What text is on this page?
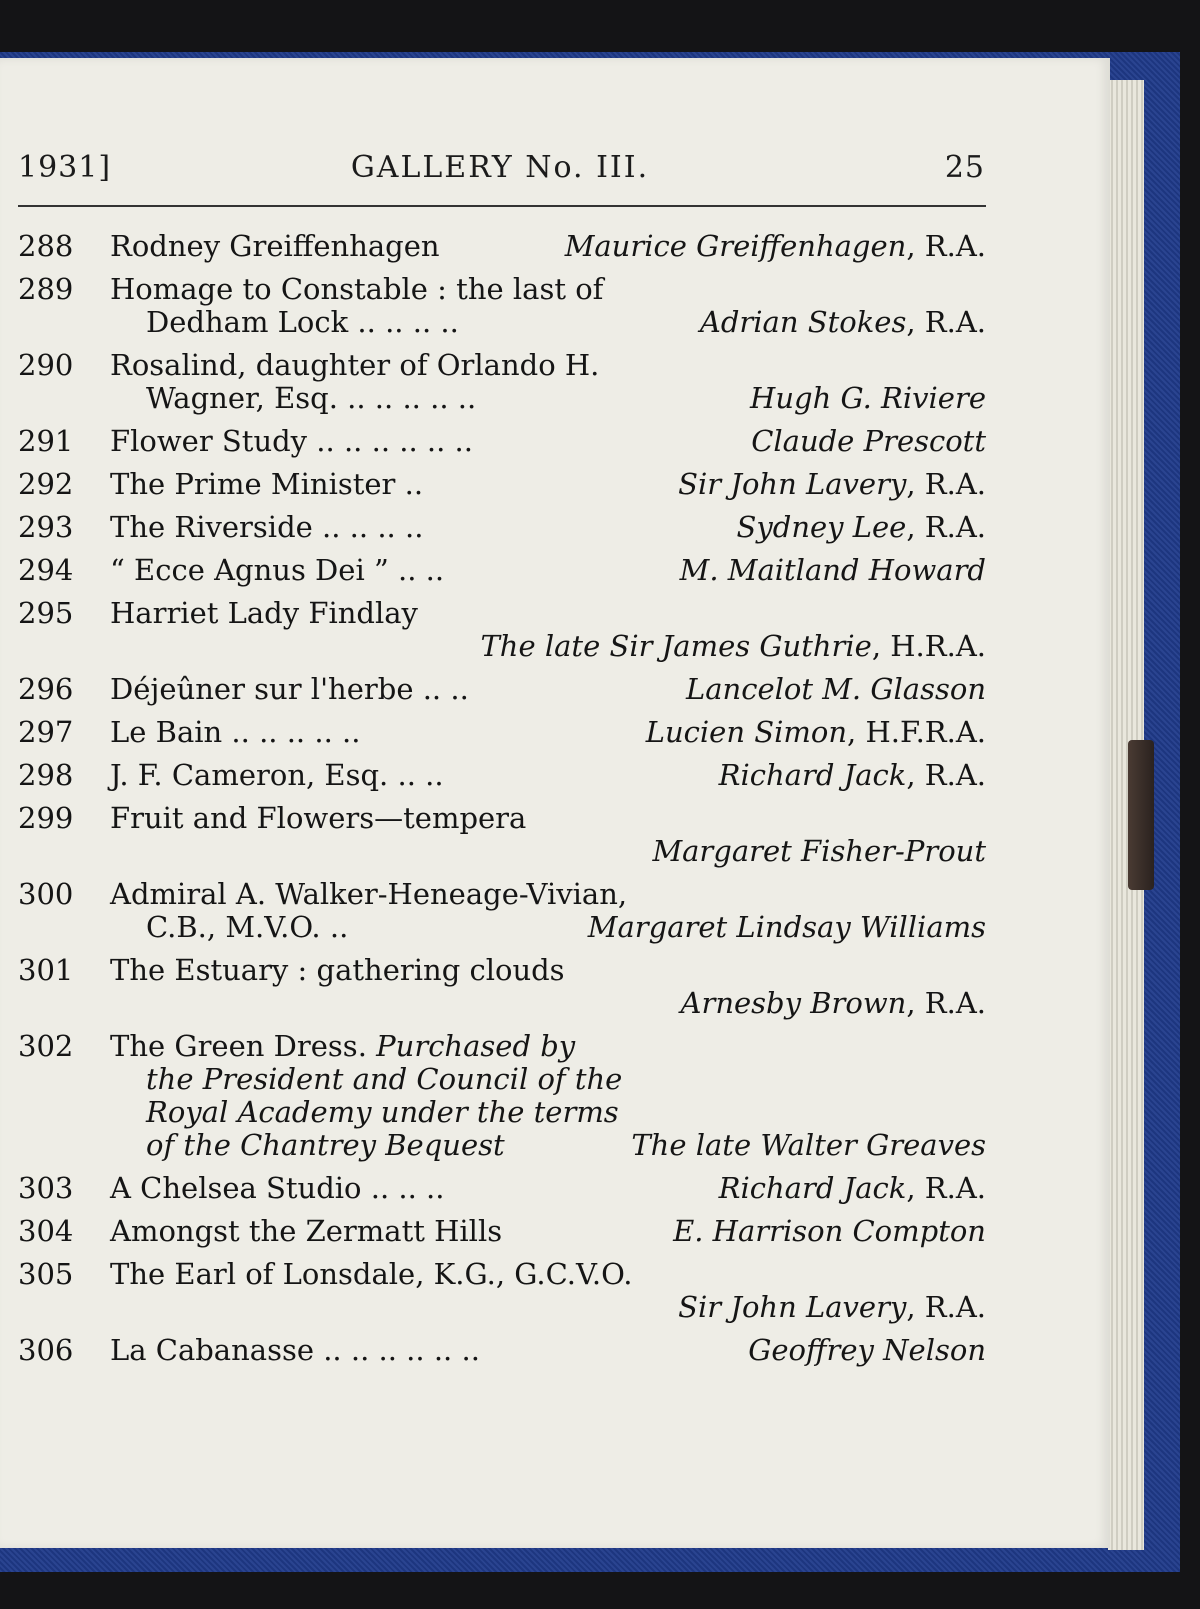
1931]	GALLERY No. III.	25
288 Rodney Greiffenhagen	Maurice Greiffenhagen, R.A.
289 Homage to Constable : the last of
Dedham Lock .. .. .. ..	Adrian Stokes, R.A.
290 Rosalind, daughter of Orlando H.
Wagner, Esq. .. .. .. .. ..	Hugh G. Riviere
291 Flower Study .. .. .. .. .. ..	Claude Prescott
292 The Prime Minister ..	Sir John Lavery, R.A.
293 The Riverside .. .. .. ..	Sydney Lee, R.A.
294 “ Ecce Agnus Dei ” .. ..	M. Maitland Howard
295 Harriet Lady Findlay
The late Sir James Guthrie, H.R.A.
296 Déjeûner sur l'herbe .. ..	Lancelot M. Glasson
297 Le Bain .. .. .. .. ..	Lucien Simon, H.F.R.A.
298 J. F. Cameron, Esq. .. ..	Richard Jack, R.A.
299 Fruit and Flowers—tempera
Margaret Fisher-Prout
300 Admiral A. Walker-Heneage-Vivian,
C.B., M.V.O. ..	Margaret Lindsay Williams
301 The Estuary : gathering clouds
Arnesby Brown, R.A.
302 The Green Dress. Purchased by
the President and Council of the
Royal Academy under the terms
of the Chantrey Bequest	The late Walter Greaves
303 A Chelsea Studio .. .. ..	Richard Jack, R.A.
304 Amongst the Zermatt Hills	E. Harrison Compton
305 The Earl of Lonsdale, K.G., G.C.V.O.
Sir John Lavery, R.A.
306 La Cabanasse .. .. .. .. .. ..	Geoffrey Nelson
